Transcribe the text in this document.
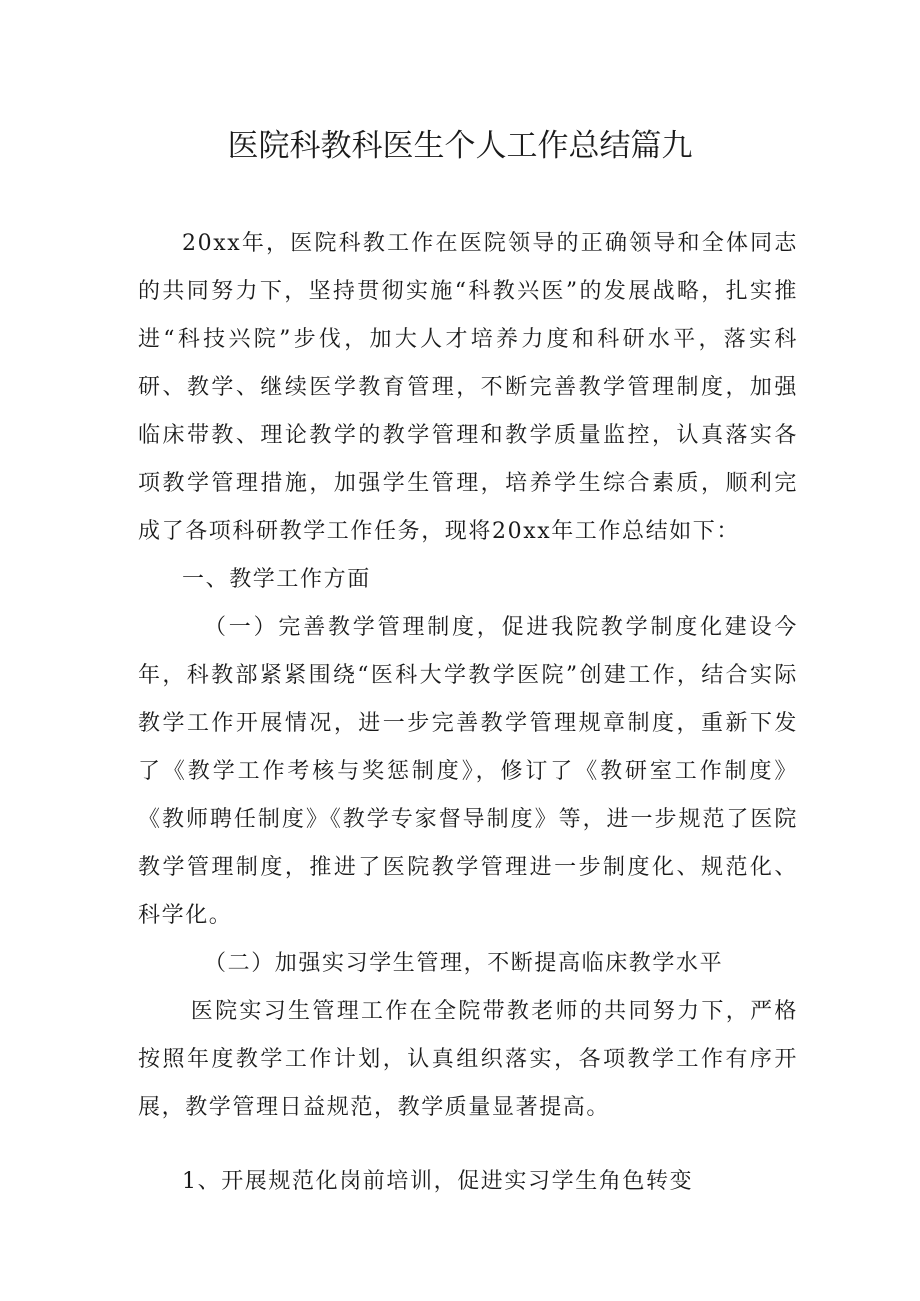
医院科教科医生个人工作总结篇九

20xx年，医院科教工作在医院领导的正确领导和全体同志的共同努力下，坚持贯彻实施“科教兴医”的发展战略，扎实推进“科技兴院”步伐，加大人才培养力度和科研水平，落实科研、教学、继续医学教育管理，不断完善教学管理制度，加强临床带教、理论教学的教学管理和教学质量监控，认真落实各项教学管理措施，加强学生管理，培养学生综合素质，顺利完成了各项科研教学工作任务，现将20xx年工作总结如下：

一、教学工作方面

（一）完善教学管理制度，促进我院教学制度化建设今年，科教部紧紧围绕“医科大学教学医院”创建工作，结合实际教学工作开展情况，进一步完善教学管理规章制度，重新下发了《教学工作考核与奖惩制度》，修订了《教研室工作制度》《教师聘任制度》《教学专家督导制度》等，进一步规范了医院教学管理制度，推进了医院教学管理进一步制度化、规范化、科学化。

（二）加强实习学生管理，不断提高临床教学水平

医院实习生管理工作在全院带教老师的共同努力下，严格按照年度教学工作计划，认真组织落实，各项教学工作有序开展，教学管理日益规范，教学质量显著提高。

1、开展规范化岗前培训，促进实习学生角色转变
